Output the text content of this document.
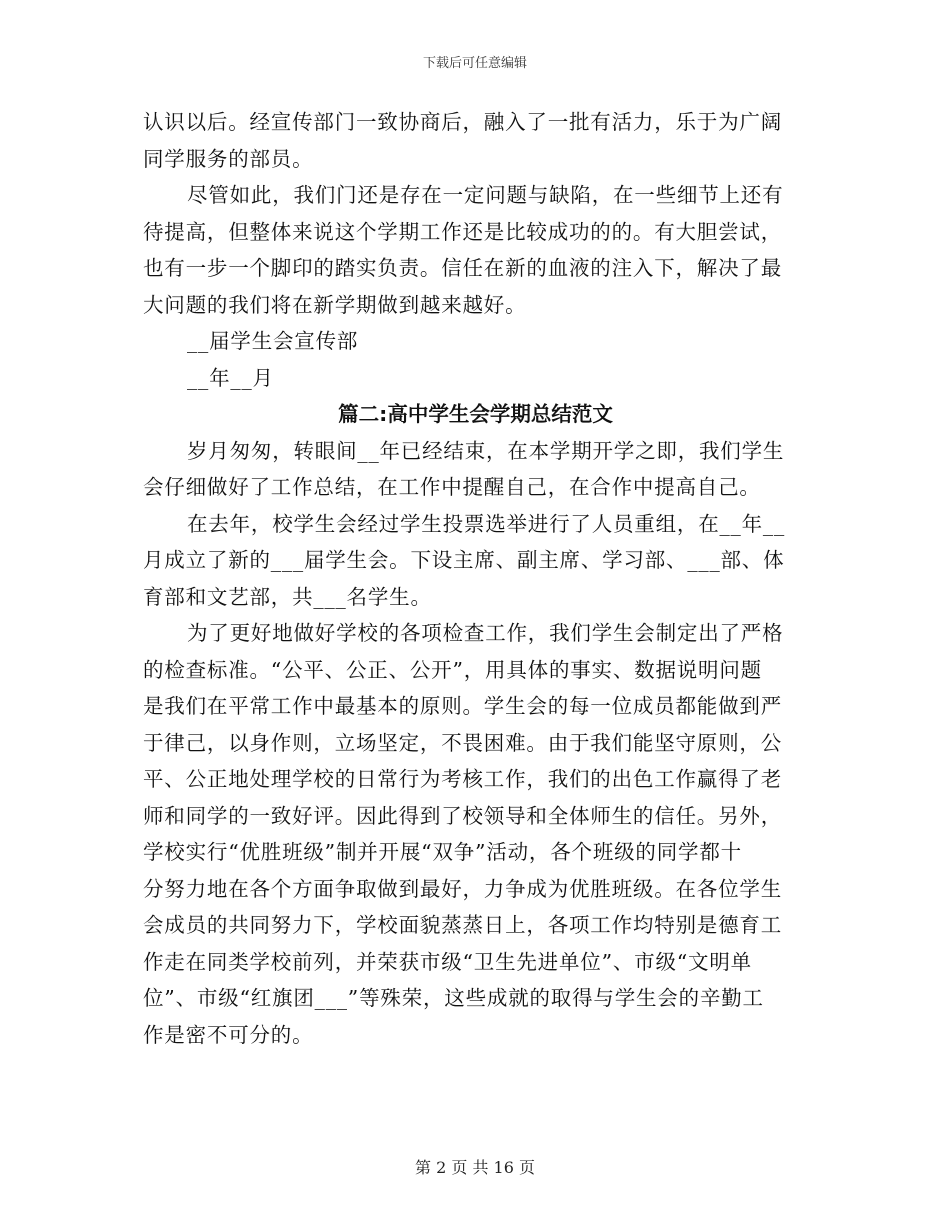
下载后可任意编辑
认识以后。经宣传部门一致协商后，融入了一批有活力，乐于为广阔
同学服务的部员。
尽管如此，我们门还是存在一定问题与缺陷，在一些细节上还有
待提高，但整体来说这个学期工作还是比较成功的的。有大胆尝试，
也有一步一个脚印的踏实负责。信任在新的血液的注入下，解决了最
大问题的我们将在新学期做到越来越好。
__届学生会宣传部
__年__月
篇二:高中学生会学期总结范文
岁月匆匆，转眼间__年已经结束，在本学期开学之即，我们学生
会仔细做好了工作总结，在工作中提醒自己，在合作中提高自己。
在去年，校学生会经过学生投票选举进行了人员重组，在__年__
月成立了新的___届学生会。下设主席、副主席、学习部、___部、体
育部和文艺部，共___名学生。
为了更好地做好学校的各项检查工作，我们学生会制定出了严格
的检查标准。“公平、公正、公开”，用具体的事实、数据说明问题
是我们在平常工作中最基本的原则。学生会的每一位成员都能做到严
于律己，以身作则，立场坚定，不畏困难。由于我们能坚守原则，公
平、公正地处理学校的日常行为考核工作，我们的出色工作赢得了老
师和同学的一致好评。因此得到了校领导和全体师生的信任。另外，
学校实行“优胜班级”制并开展“双争”活动，各个班级的同学都十
分努力地在各个方面争取做到最好，力争成为优胜班级。在各位学生
会成员的共同努力下，学校面貌蒸蒸日上，各项工作均特别是德育工
作走在同类学校前列，并荣获市级“卫生先进单位”、市级“文明单
位”、市级“红旗团___”等殊荣，这些成就的取得与学生会的辛勤工
作是密不可分的。
第 2 页 共 16 页
